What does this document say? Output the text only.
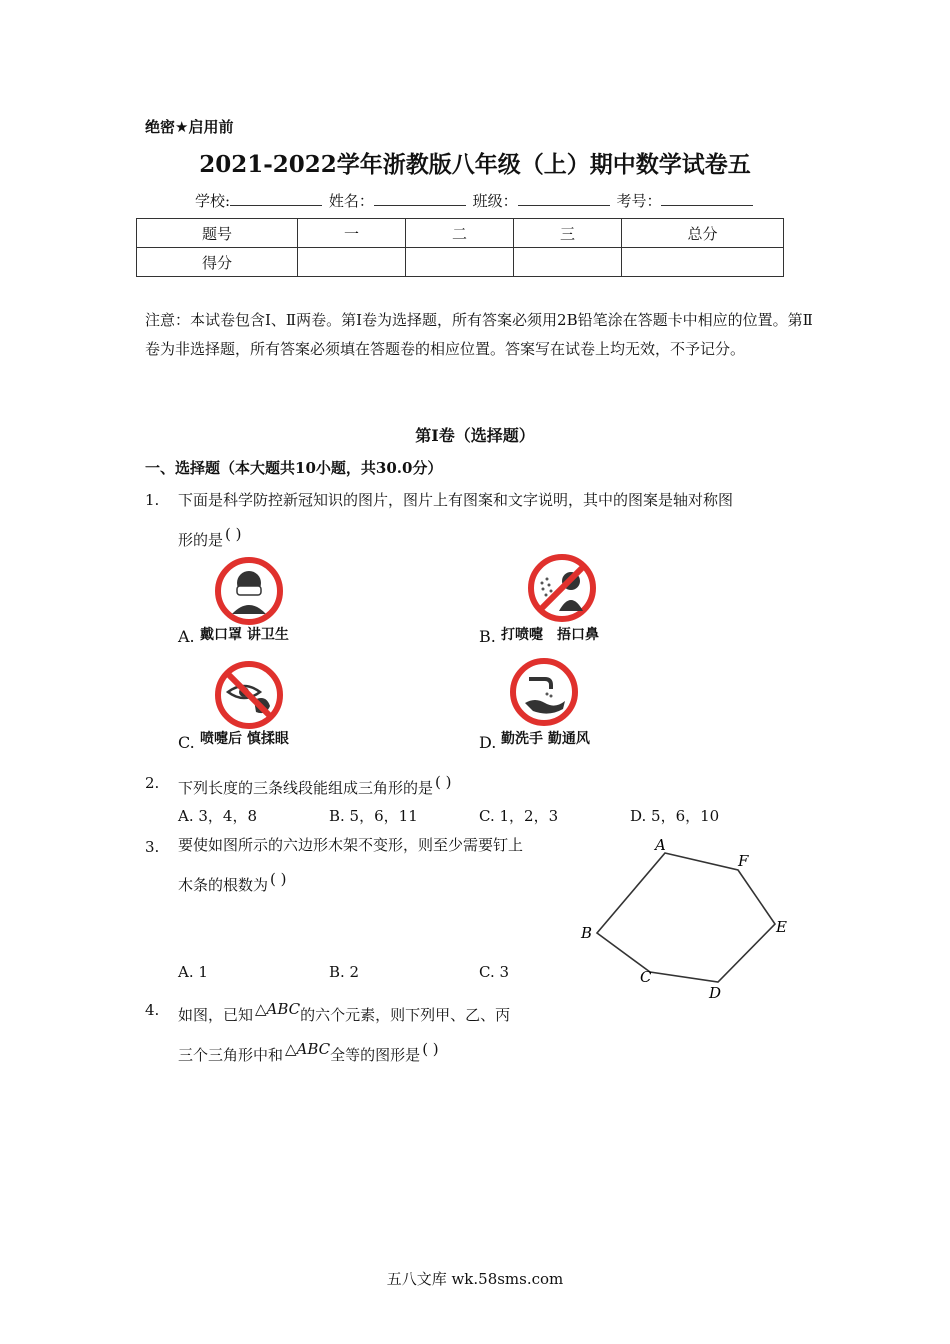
绝密★启用前
2021-2022学年浙教版八年级（上）期中数学试卷五
学校:	姓名：	班级：	考号：
题号	一	二	三	总分
得分				
注意：本试卷包含Ⅰ、Ⅱ两卷。第Ⅰ卷为选择题，所有答案必须用2B铅笔涂在答题卡中相应的位置。第Ⅱ卷为非选择题，所有答案必须填在答题卷的相应位置。答案写在试卷上均无效，不予记分。
第I卷（选择题）
一、选择题（本大题共10小题，共30.0分）
1. 下面是科学防控新冠知识的图片，图片上有图案和文字说明，其中的图案是轴对称图
形的是 ( )
A. 戴口罩 讲卫生	B. 打喷嚏　捂口鼻
C. 喷嚏后 慎揉眼	D. 勤洗手 勤通风
2. 下列长度的三条线段能组成三角形的是 ( )
A. 3，4，8	B. 5，6，11	C. 1，2，3	D. 5，6，10
3. 要使如图所示的六边形木架不变形，则至少需要钉上
木条的根数为 ( )
A
F
E
D
C
B
A. 1	B. 2	C. 3
4. 如图，已知 △ABC的六个元素，则下列甲、乙、丙
三个三角形中和 △ABC全等的图形是 ( )
五八文库 wk.58sms.com
